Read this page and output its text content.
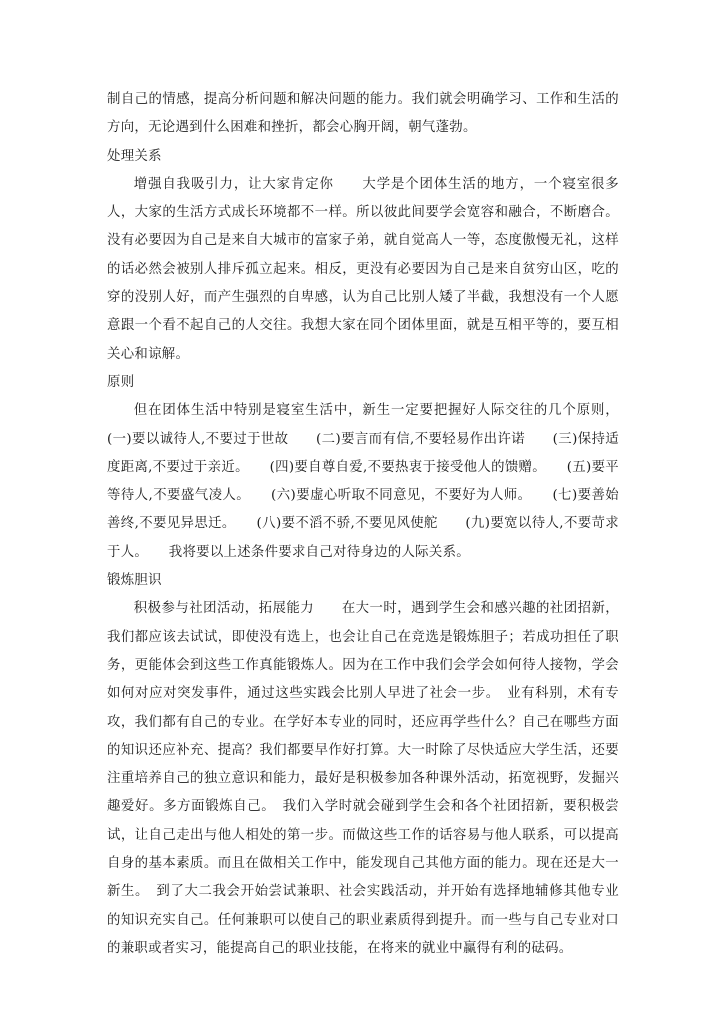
制自己的情感，提高分析问题和解决问题的能力。我们就会明确学习、工作和生活的方向，无论遇到什么困难和挫折，都会心胸开阔，朝气蓬勃。

处理关系

增强自我吸引力，让大家肯定你　　大学是个团体生活的地方，一个寝室很多人，大家的生活方式成长环境都不一样。所以彼此间要学会宽容和融合，不断磨合。没有必要因为自己是来自大城市的富家子弟，就自觉高人一等，态度傲慢无礼，这样的话必然会被别人排斥孤立起来。相反，更没有必要因为自己是来自贫穷山区，吃的穿的没别人好，而产生强烈的自卑感，认为自己比别人矮了半截，我想没有一个人愿意跟一个看不起自己的人交往。我想大家在同个团体里面，就是互相平等的，要互相关心和谅解。

原则

但在团体生活中特别是寝室生活中，新生一定要把握好人际交往的几个原则，(一)要以诚待人,不要过于世故　　(二)要言而有信,不要轻易作出许诺　　(三)保持适度距离,不要过于亲近。　　(四)要自尊自爱,不要热衷于接受他人的馈赠。　　(五)要平等待人,不要盛气凌人。　　(六)要虚心听取不同意见，不要好为人师。　　(七)要善始善终,不要见异思迁。　　(八)要不滔不骄,不要见风使舵　　(九)要宽以待人,不要苛求于人。　　我将要以上述条件要求自己对待身边的人际关系。

锻炼胆识

积极参与社团活动，拓展能力　　在大一时，遇到学生会和感兴趣的社团招新，我们都应该去试试，即使没有选上，也会让自己在竞选是锻炼胆子；若成功担任了职务，更能体会到这些工作真能锻炼人。因为在工作中我们会学会如何待人接物，学会如何对应对突发事件，通过这些实践会比别人早进了社会一步。　业有科别，术有专攻，我们都有自己的专业。在学好本专业的同时，还应再学些什么？自己在哪些方面的知识还应补充、提高？我们都要早作好打算。大一时除了尽快适应大学生活，还要注重培养自己的独立意识和能力，最好是积极参加各种课外活动，拓宽视野，发掘兴趣爱好。多方面锻炼自己。　我们入学时就会碰到学生会和各个社团招新，要积极尝试，让自己走出与他人相处的第一步。而做这些工作的话容易与他人联系，可以提高自身的基本素质。而且在做相关工作中，能发现自己其他方面的能力。现在还是大一新生。　到了大二我会开始尝试兼职、社会实践活动，并开始有选择地辅修其他专业的知识充实自己。任何兼职可以使自己的职业素质得到提升。而一些与自己专业对口的兼职或者实习，能提高自己的职业技能，在将来的就业中赢得有利的砝码。
